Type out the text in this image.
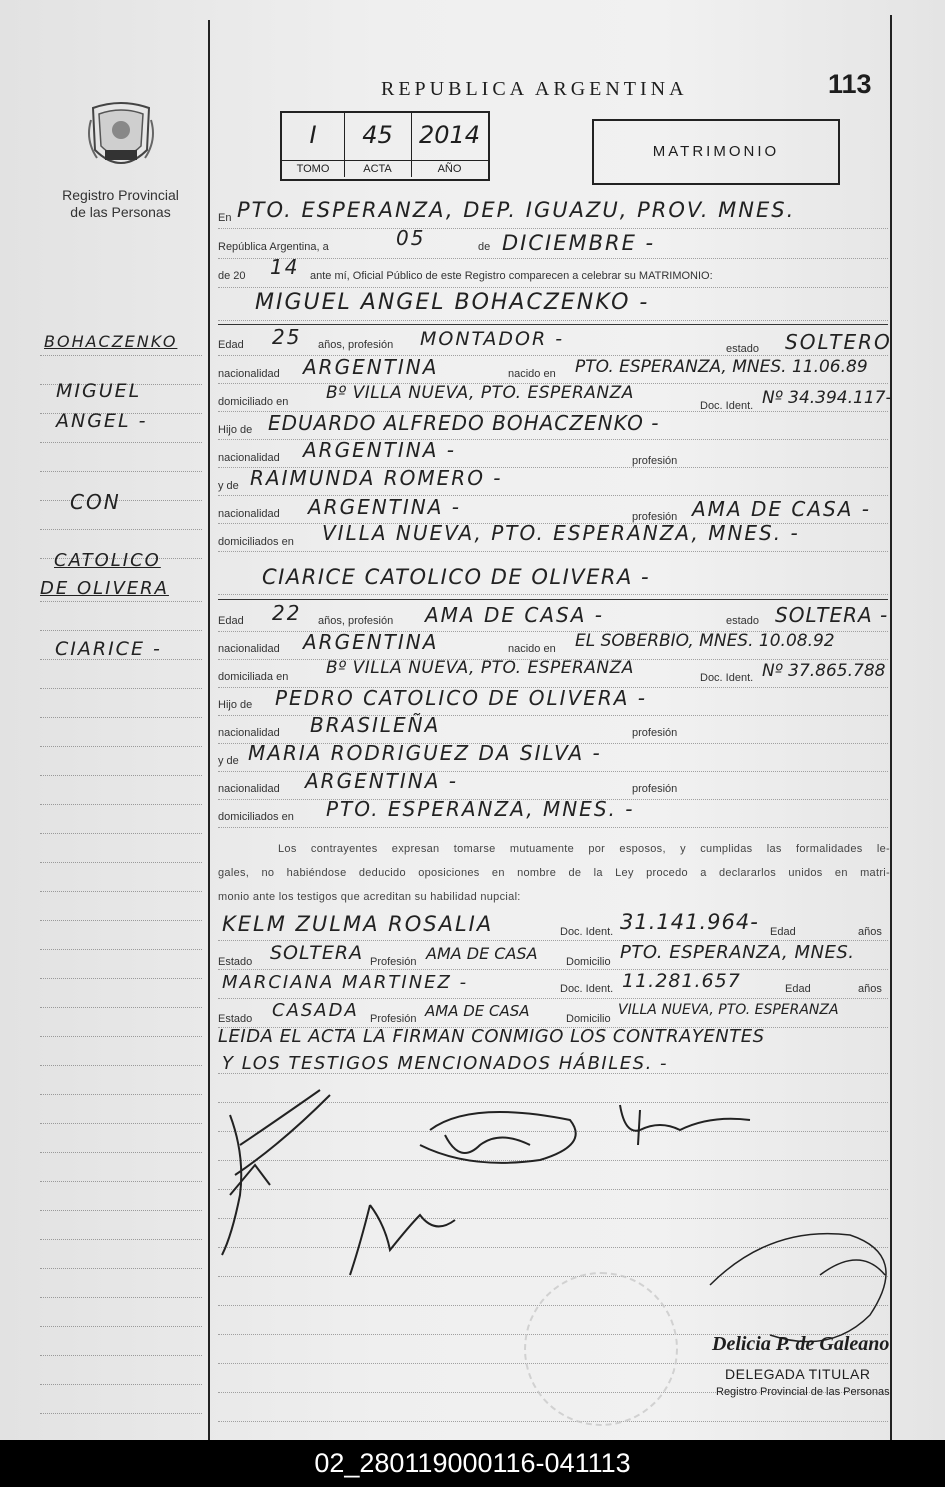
REPUBLICA ARGENTINA	113
I
TOMO
45
ACTA
2014
AÑO
MATRIMONIO
Registro Provincial
de las Personas
BOHACZENKO
MIGUEL
ANGEL -
CON
CATOLICO
DE OLIVERA
CIARICE -
En PTO. ESPERANZA, DEP. IGUAZU, PROV. MNES.
República Argentina, a	05	de DICIEMBRE -
de 20 14 ante mí, Oficial Público de este Registro comparecen a celebrar su MATRIMONIO:
MIGUEL ANGEL BOHACZENKO -
Edad 25 años, profesión MONTADOR -	estado SOLTERO
nacionalidad ARGENTINA	nacido en PTO. ESPERANZA, MNES. 11.06.89
domiciliado en Bº VILLA NUEVA, PTO. ESPERANZA
Doc. Ident. Nº 34.394.117-
Hijo de EDUARDO ALFREDO BOHACZENKO -
nacionalidad ARGENTINA -	profesión
y de RAIMUNDA ROMERO -
nacionalidad ARGENTINA -	profesión AMA DE CASA -
domiciliados en VILLA NUEVA, PTO. ESPERANZA, MNES. -
CIARICE CATOLICO DE OLIVERA -
Edad 22 años, profesión AMA DE CASA -	estado SOLTERA -
nacionalidad ARGENTINA	nacido en EL SOBERBIO, MNES. 10.08.92
domiciliada en Bº VILLA NUEVA, PTO. ESPERANZA	Doc. Ident. Nº 37.865.788
Hijo de PEDRO CATOLICO DE OLIVERA -
nacionalidad BRASILEÑA	profesión
y de MARIA RODRIGUEZ DA SILVA -
nacionalidad ARGENTINA -	profesión
domiciliados en PTO. ESPERANZA, MNES. -
Los contrayentes expresan tomarse mutuamente por esposos, y cumplidas las formalidades le-
gales, no habiéndose deducido oposiciones en nombre de la Ley procedo a declararlos unidos en matri-
monio ante los testigos que acreditan su habilidad nupcial:
KELM ZULMA ROSALIA	Doc. Ident. 31.141.964- Edad	años
Estado SOLTERA Profesión AMA DE CASA	Domicilio PTO. ESPERANZA, MNES.
MARCIANA MARTINEZ -	Doc. Ident. 11.281.657	Edad	años
Estado CASADA Profesión AMA DE CASA	Domicilio
VILLA NUEVA, PTO. ESPERANZA
LEIDA EL ACTA LA FIRMAN CONMIGO LOS CONTRAYENTES
Y LOS TESTIGOS MENCIONADOS HÁBILES. -
Delicia P. de Galeano
DELEGADA TITULAR
Registro Provincial de las Personas
02_280119000116-041113
